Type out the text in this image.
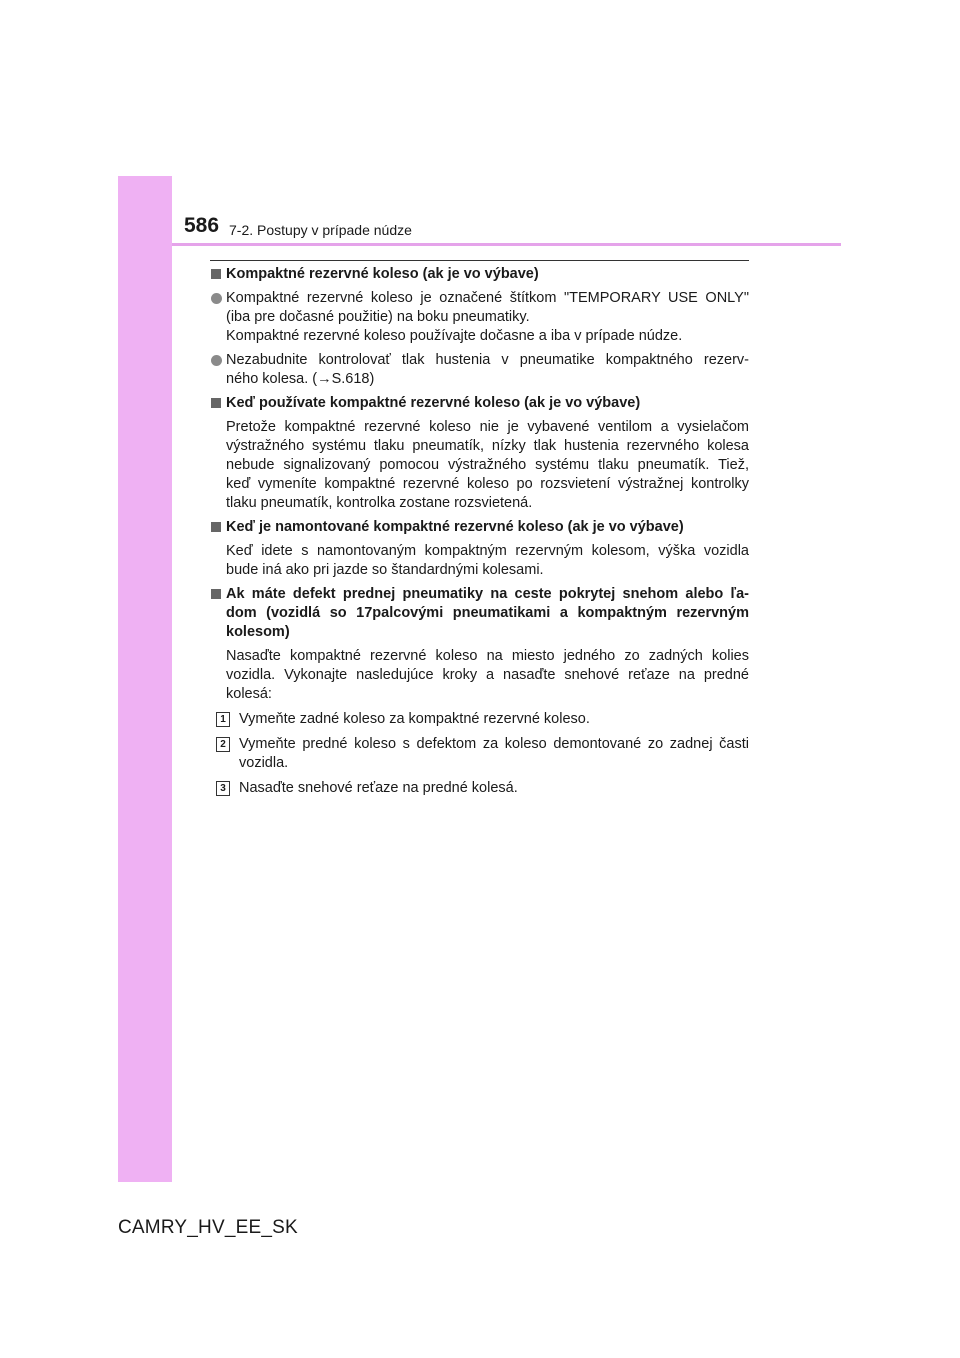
586 7-2. Postupy v prípade núdze
Kompaktné rezervné koleso (ak je vo výbave)
Kompaktné rezervné koleso je označené štítkom "TEMPORARY USE ONLY"
(iba pre dočasné použitie) na boku pneumatiky.
Kompaktné rezervné koleso používajte dočasne a iba v prípade núdze.
Nezabudnite kontrolovať tlak hustenia v pneumatike kompaktného rezerv-
ného kolesa. (→S.618)
Keď používate kompaktné rezervné koleso (ak je vo výbave)
Pretože kompaktné rezervné koleso nie je vybavené ventilom a vysielačom
výstražného systému tlaku pneumatík, nízky tlak hustenia rezervného kolesa
nebude signalizovaný pomocou výstražného systému tlaku pneumatík. Tiež,
keď vymeníte kompaktné rezervné koleso po rozsvietení výstražnej kontrolky
tlaku pneumatík, kontrolka zostane rozsvietená.
Keď je namontované kompaktné rezervné koleso (ak je vo výbave)
Keď idete s namontovaným kompaktným rezervným kolesom, výška vozidla
bude iná ako pri jazde so štandardnými kolesami.
Ak máte defekt prednej pneumatiky na ceste pokrytej snehom alebo ľa-
dom (vozidlá so 17palcovými pneumatikami a kompaktným rezervným
kolesom)
Nasaďte kompaktné rezervné koleso na miesto jedného zo zadných kolies
vozidla. Vykonajte nasledujúce kroky a nasaďte snehové reťaze na predné
kolesá:
1 Vymeňte zadné koleso za kompaktné rezervné koleso.
2 Vymeňte predné koleso s defektom za koleso demontované zo zadnej časti
vozidla.
3 Nasaďte snehové reťaze na predné kolesá.
CAMRY_HV_EE_SK
